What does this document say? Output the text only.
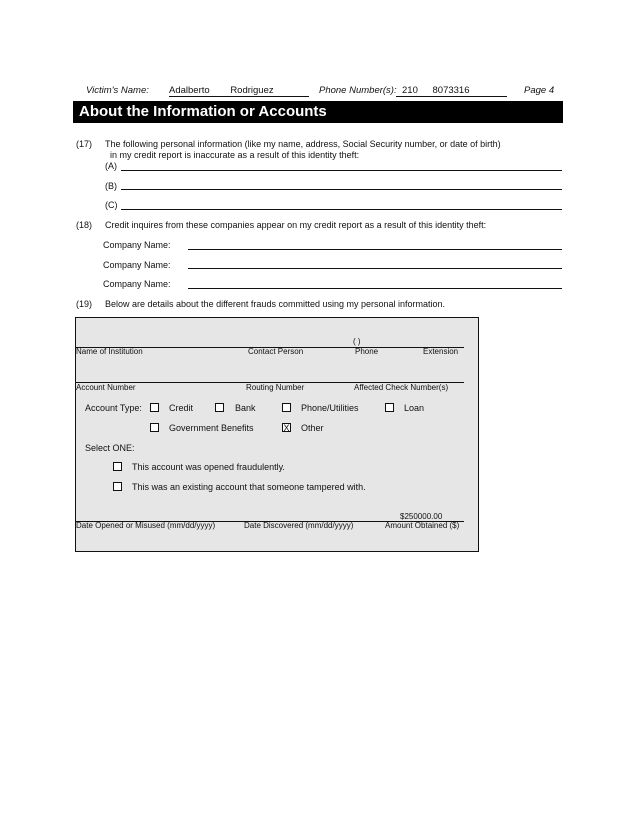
Victim's Name: Adalberto Rodriguez	Phone Number(s): 210 8073316	Page 4
About the Information or Accounts
(17) The following personal information (like my name, address, Social Security number, or date of birth)
in my credit report is inaccurate as a result of this identity theft:
(A)
(B)
(C)
(18) Credit inquires from these companies appear on my credit report as a result of this identity theft:
Company Name:
Company Name:
Company Name:
(19) Below are details about the different frauds committed using my personal information.
( )
Name of Institution	Contact Person	Phone	Extension
Account Number	Routing Number	Affected Check Number(s)
Account Type:	Credit	Bank	Phone/Utilities	Loan
Government Benefits	X Other
Select ONE:
This account was opened fraudulently.
This was an existing account that someone tampered with.
$250000.00
Date Opened or Misused (mm/dd/yyyy)	Date Discovered (mm/dd/yyyy)	Amount Obtained ($)
